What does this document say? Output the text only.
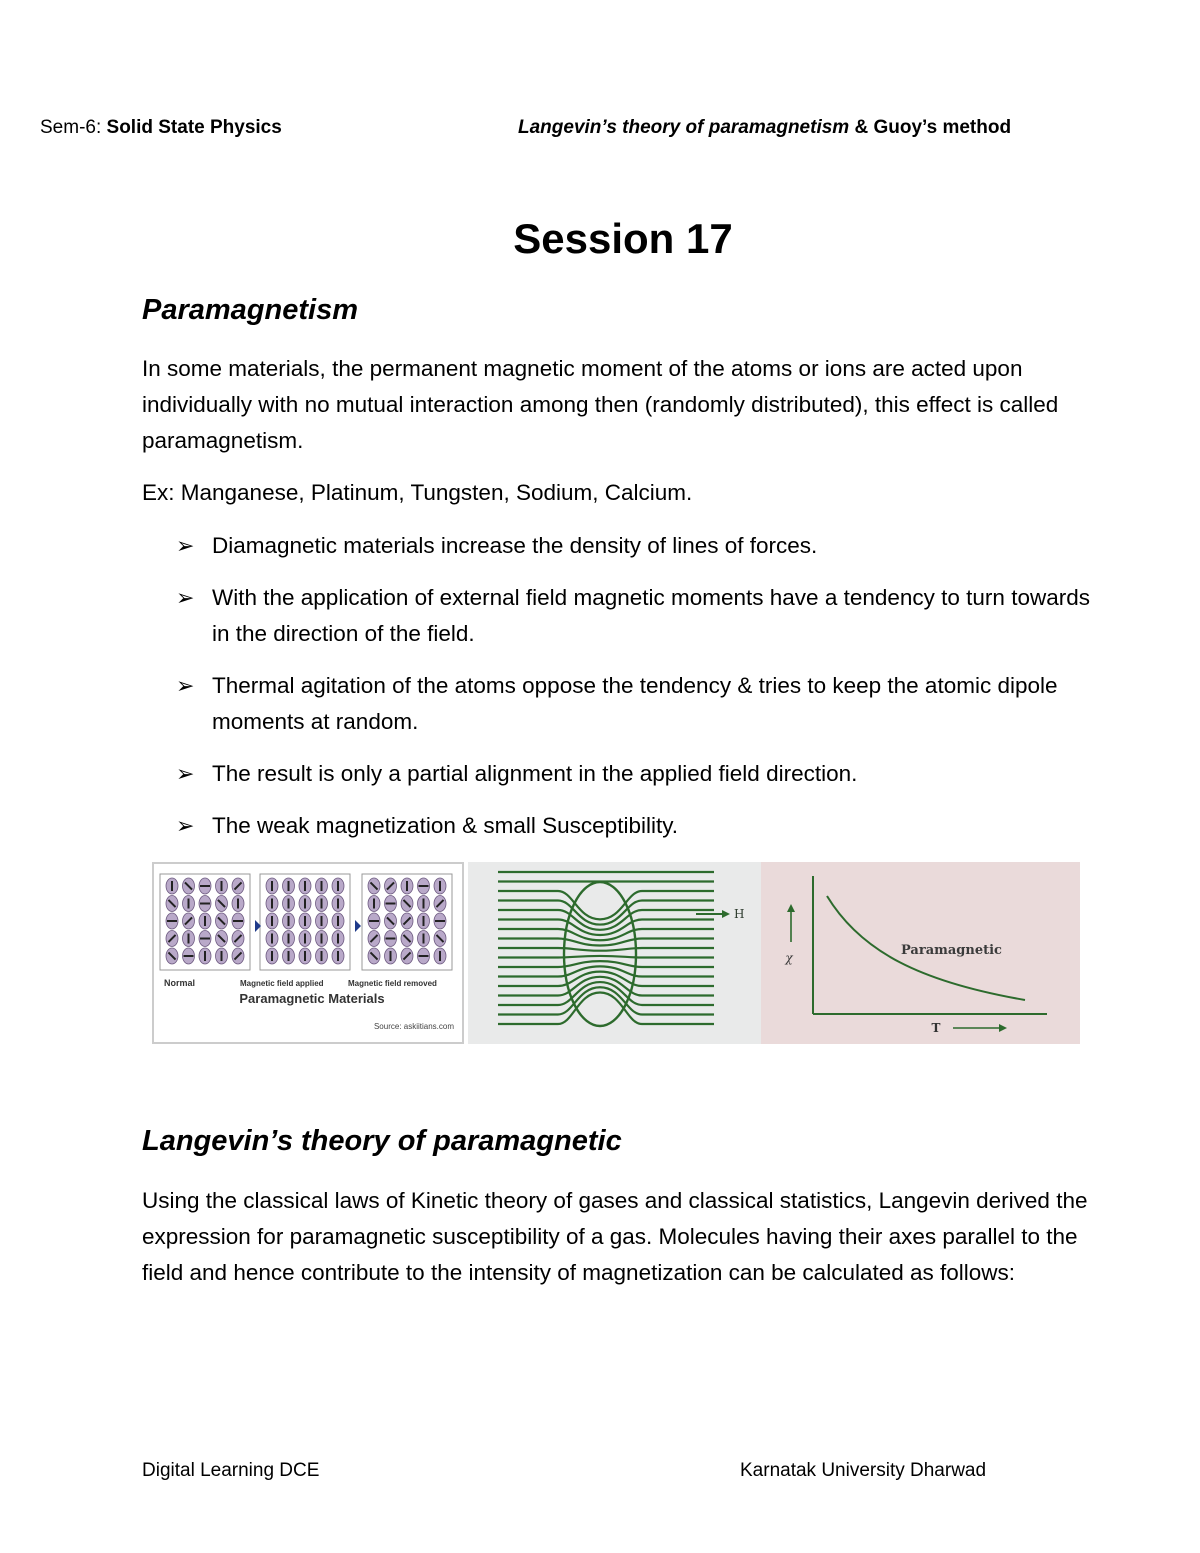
Sem-6: Solid State Physics	Langevin’s theory of paramagnetism & Guoy’s method
Session 17
Paramagnetism
In some materials, the permanent magnetic moment of the atoms or ions are acted upon individually with no mutual interaction among then (randomly distributed), this effect is called paramagnetism.
Ex: Manganese, Platinum, Tungsten, Sodium, Calcium.
➢ Diamagnetic materials increase the density of lines of forces.
➢ With the application of external field magnetic moments have a tendency to turn towards in the direction of the field.
➢ Thermal agitation of the atoms oppose the tendency & tries to keep the atomic dipole moments at random.
➢ The result is only a partial alignment in the applied field direction.
➢ The weak magnetization & small Susceptibility.
Normal	Magnetic field applied	Magnetic field removed
Paramagnetic Materials
Source: askiitians.com
H
χ
T
Paramagnetic
Langevin’s theory of paramagnetic
Using the classical laws of Kinetic theory of gases and classical statistics, Langevin derived the expression for paramagnetic susceptibility of a gas. Molecules having their axes parallel to the field and hence contribute to the intensity of magnetization can be calculated as follows:
Digital Learning DCE	Karnatak University Dharwad
